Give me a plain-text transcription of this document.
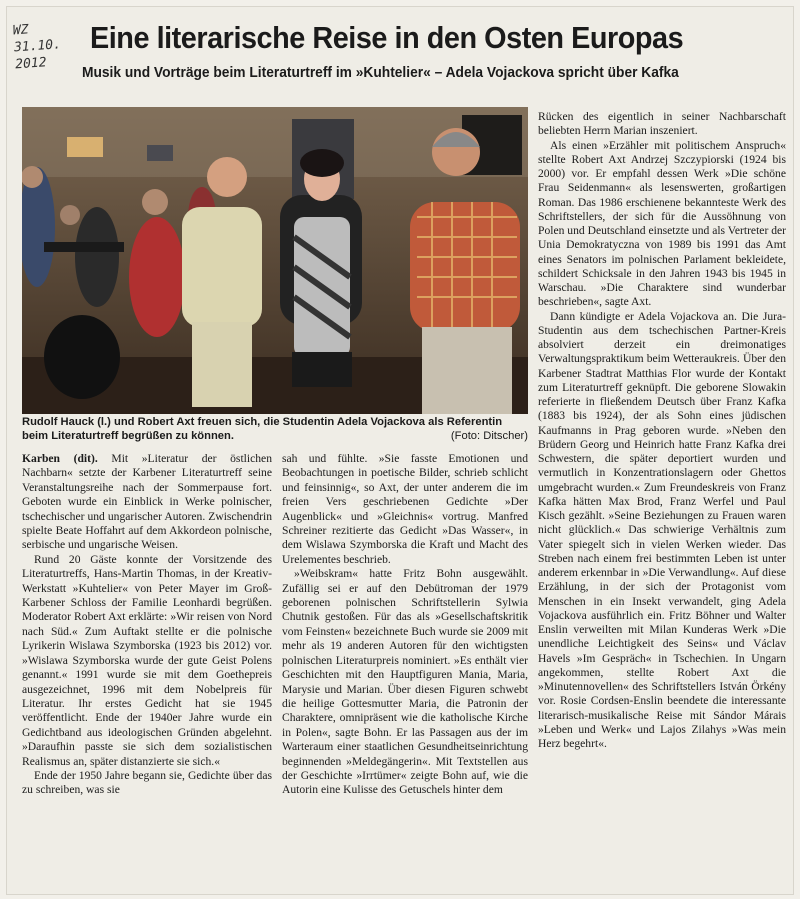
WZ
31.10.
2012
Eine literarische Reise in den Osten Europas
Musik und Vorträge beim Literaturtreff im »Kuhtelier« – Adela Vojackova spricht über Kafka
Rudolf Hauck (l.) und Robert Axt freuen sich, die Studentin Adela Vojackova als Referentin beim Literaturtreff begrüßen zu können.	(Foto: Ditscher)

Karben (dit). Mit »Literatur der östlichen Nachbarn« setzte der Karbener Literaturtreff seine Veranstaltungsreihe nach der Sommerpause fort. Geboten wurde ein Einblick in Werke polnischer, tschechischer und ungarischer Autoren. Zwischendrin spielte Beate Hoffahrt auf dem Akkordeon polnische, serbische und ungarische Weisen.

Rund 20 Gäste konnte der Vorsitzende des Literaturtreffs, Hans-Martin Thomas, in der Kreativ-Werkstatt »Kuhtelier« von Peter Mayer im Groß-Karbener Schloss der Familie Leonhardi begrüßen. Moderator Robert Axt erklärte: »Wir reisen von Nord nach Süd.« Zum Auftakt stellte er die polnische Lyrikerin Wislawa Szymborska (1923 bis 2012) vor. »Wislawa Szymborska wurde der gute Geist Polens genannt.« 1991 wurde sie mit dem Goethepreis ausgezeichnet, 1996 mit dem Nobelpreis für Literatur. Ihr erstes Gedicht hat sie 1945 veröffentlicht. Ende der 1940er Jahre wurde ein Gedichtband aus ideologischen Gründen abgelehnt. »Daraufhin passte sie sich dem sozialistischen Realismus an, später distanzierte sie sich.«

Ende der 1950 Jahre begann sie, Gedichte über das zu schreiben, was sie

sah und fühlte. »Sie fasste Emotionen und Beobachtungen in poetische Bilder, schrieb schlicht und feinsinnig«, so Axt, der unter anderem die im freien Vers geschriebenen Gedichte »Der Augenblick« und »Gleichnis« vortrug. Manfred Schreiner rezitierte das Gedicht »Das Wasser«, in dem Wislawa Szymborska die Kraft und Macht des Urelementes beschrieb.

»Weibskram« hatte Fritz Bohn ausgewählt. Zufällig sei er auf den Debütroman der 1979 geborenen polnischen Schriftstellerin Sylwia Chutnik gestoßen. Für das als »Gesellschaftskritik vom Feinsten« bezeichnete Buch wurde sie 2009 mit mehr als 19 anderen Autoren für den wichtigsten polnischen Literaturpreis nominiert. »Es enthält vier Geschichten mit den Hauptfiguren Mania, Maria, Marysie und Marian. Über diesen Figuren schwebt die heilige Gottesmutter Maria, die Patronin der Charaktere, omnipräsent wie die katholische Kirche in Polen«, sagte Bohn. Er las Passagen aus der im Warteraum einer staatlichen Gesundheitseinrichtung beginnenden »Meldegängerin«. Mit Textstellen aus der Geschichte »Irrtümer« zeigte Bohn auf, wie die Autorin eine Kulisse des Getuschels hinter dem

Rücken des eigentlich in seiner Nachbarschaft beliebten Herrn Marian inszeniert.

Als einen »Erzähler mit politischem Anspruch« stellte Robert Axt Andrzej Szczypiorski (1924 bis 2000) vor. Er empfahl dessen Werk »Die schöne Frau Seidenmann« als lesenswerten, großartigen Roman. Das 1986 erschienene bekannteste Werk des Schriftstellers, der sich für die Aussöhnung von Polen und Deutschland einsetzte und als Vertreter der Unia Demokratyczna von 1989 bis 1991 das Amt eines Senators im polnischen Parlament bekleidete, schildert Schicksale in den Jahren 1943 bis 1945 in Warschau. »Die Charaktere sind wunderbar beschrieben«, sagte Axt.

Dann kündigte er Adela Vojackova an. Die Jura-Studentin aus dem tschechischen Partner-Kreis absolviert derzeit ein dreimonatiges Verwaltungspraktikum beim Wetteraukreis. Über den Karbener Stadtrat Matthias Flor wurde der Kontakt zum Literaturtreff geknüpft. Die geborene Slowakin referierte in fließendem Deutsch über Franz Kafka (1883 bis 1924), der als Sohn eines jüdischen Kaufmanns in Prag geboren wurde. »Neben den Brüdern Georg und Heinrich hatte Franz Kafka drei Schwestern, die später deportiert wurden und vermutlich in Konzentrationslagern oder Ghettos umgebracht wurden.« Zum Freundeskreis von Franz Kafka hätten Max Brod, Franz Werfel und Paul Kisch gezählt. »Seine Beziehungen zu Frauen waren nicht glücklich.« Das schwierige Verhältnis zum Vater spiegelt sich in vielen Werken wieder. Das Streben nach einem frei bestimmten Leben ist unter anderem erkennbar in »Die Verwandlung«. Auf diese Erzählung, in der sich der Protagonist vom Menschen in ein Insekt verwandelt, ging Adela Vojackova ausführlich ein. Fritz Böhner und Walter Enslin verweilten mit Milan Kunderas Werk »Die unendliche Leichtigkeit des Seins« und Václav Havels »Im Gespräch« in Tschechien. In Ungarn angekommen, stellte Robert Axt die »Minutennovellen« des Schriftstellers István Örkény vor. Rosie Cordsen-Enslin beendete die interessante literarisch-musikalische Reise mit Sándor Márais »Leben und Werk« und Lajos Zilahys »Was mein Herz begehrt«.
